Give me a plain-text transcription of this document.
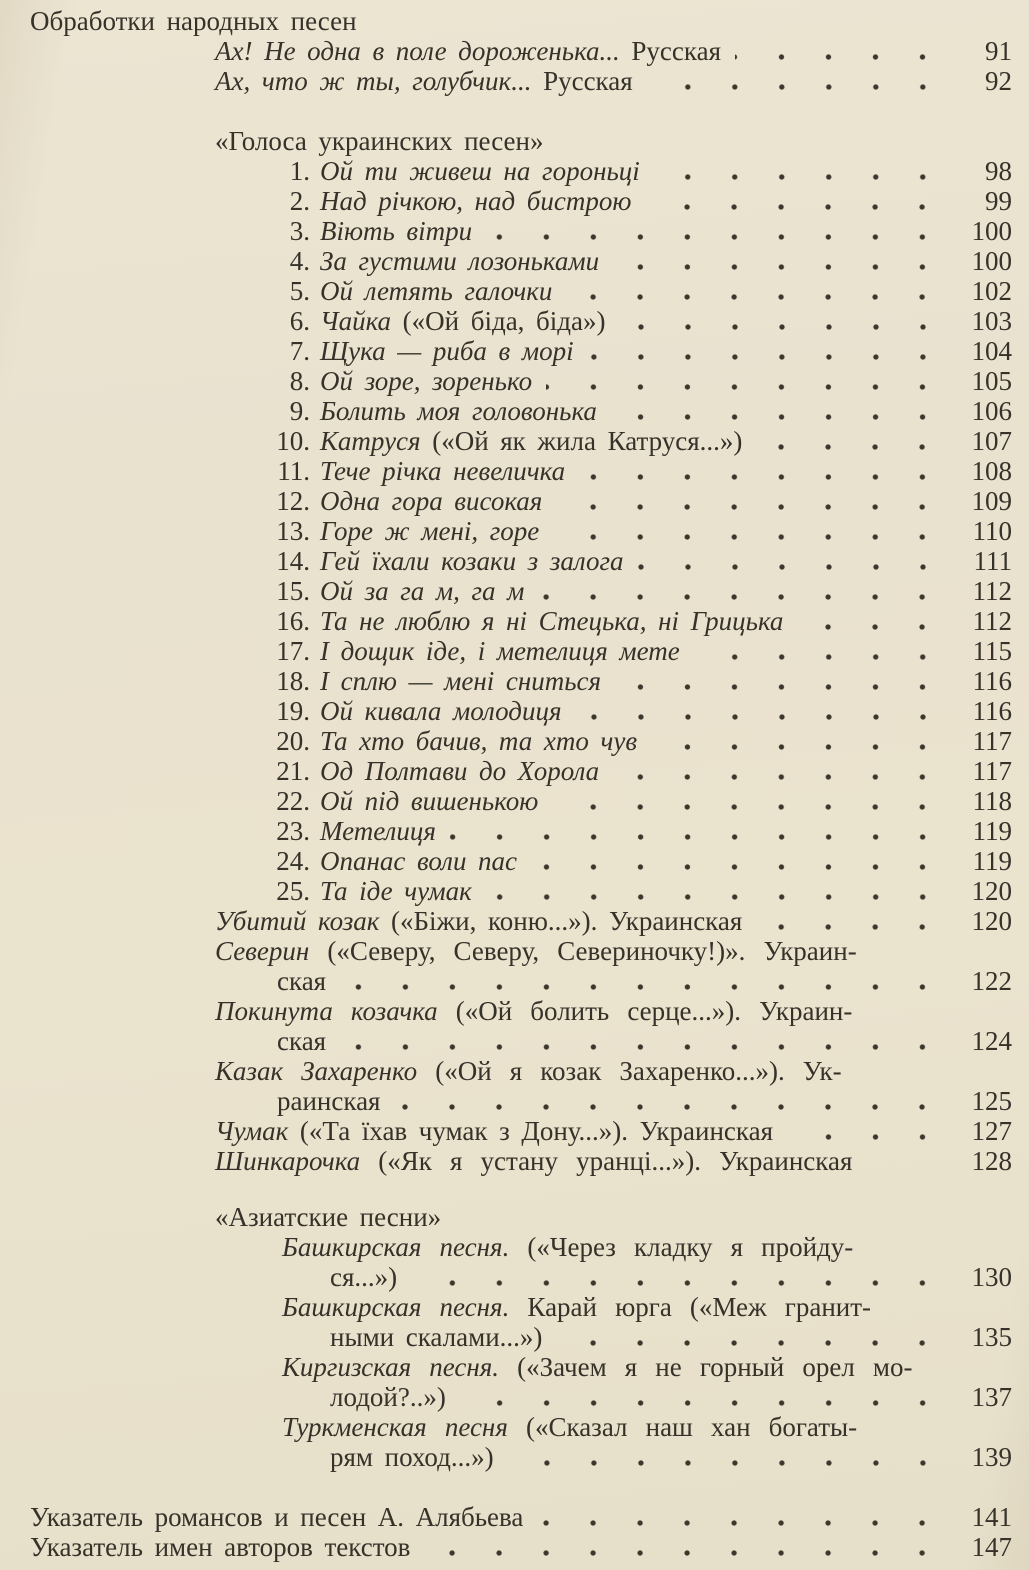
Обработки народных песен
Ах! Не одна в поле дороженька... Русская	91
Ах, что ж ты, голубчик... Русская	92
«Голоса украинских песен»
1. Ой ти живеш на гороньці	98
2. Над річкою, над бистрою	99
3. Віють вітри	100
4. За густими лозоньками	100
5. Ой летять галочки	102
6. Чайка («Ой біда, біда»)	103
7. Щука — риба в морі	104
8. Ой зоре, зоренько	105
9. Болить моя головонька	106
10. Катруся («Ой як жила Катруся...»)	107
11. Тече річка невеличка	108
12. Одна гора високая	109
13. Горе ж мені, горе	110
14. Гей їхали козаки з залога	111
15. Ой за га м, га м	112
16. Та не люблю я ні Стецька, ні Грицька	112
17. І дощик іде, і метелиця мете	115
18. І сплю — мені сниться	116
19. Ой кивала молодиця	116
20. Та хто бачив, та хто чув	117
21. Од Полтави до Хорола	117
22. Ой під вишенькою	118
23. Метелиця	119
24. Опанас воли пас	119
25. Та іде чумак	120
Убитий козак («Біжи, коню...»). Украинская	120
Северин («Северу, Северу, Севериночку!)». Украин-
ская	122
Покинута козачка («Ой болить серце...»). Украин-
ская	124
Казак Захаренко («Ой я козак Захаренко...»). Ук-
раинская	125
Чумак («Та їхав чумак з Дону...»). Украинская	127
Шинкарочка («Як я устану уранці...»). Украинская	128
«Азиатские песни»
Башкирская песня. («Через кладку я пройду-
ся...»)	130
Башкирская песня. Карай юрга («Меж гранит-
ными скалами...»)	135
Киргизская песня. («Зачем я не горный орел мо-
лодой?..»)	137
Туркменская песня («Сказал наш хан богаты-
рям поход...»)	139
Указатель романсов и песен А. Алябьева	141
Указатель имен авторов текстов	147
